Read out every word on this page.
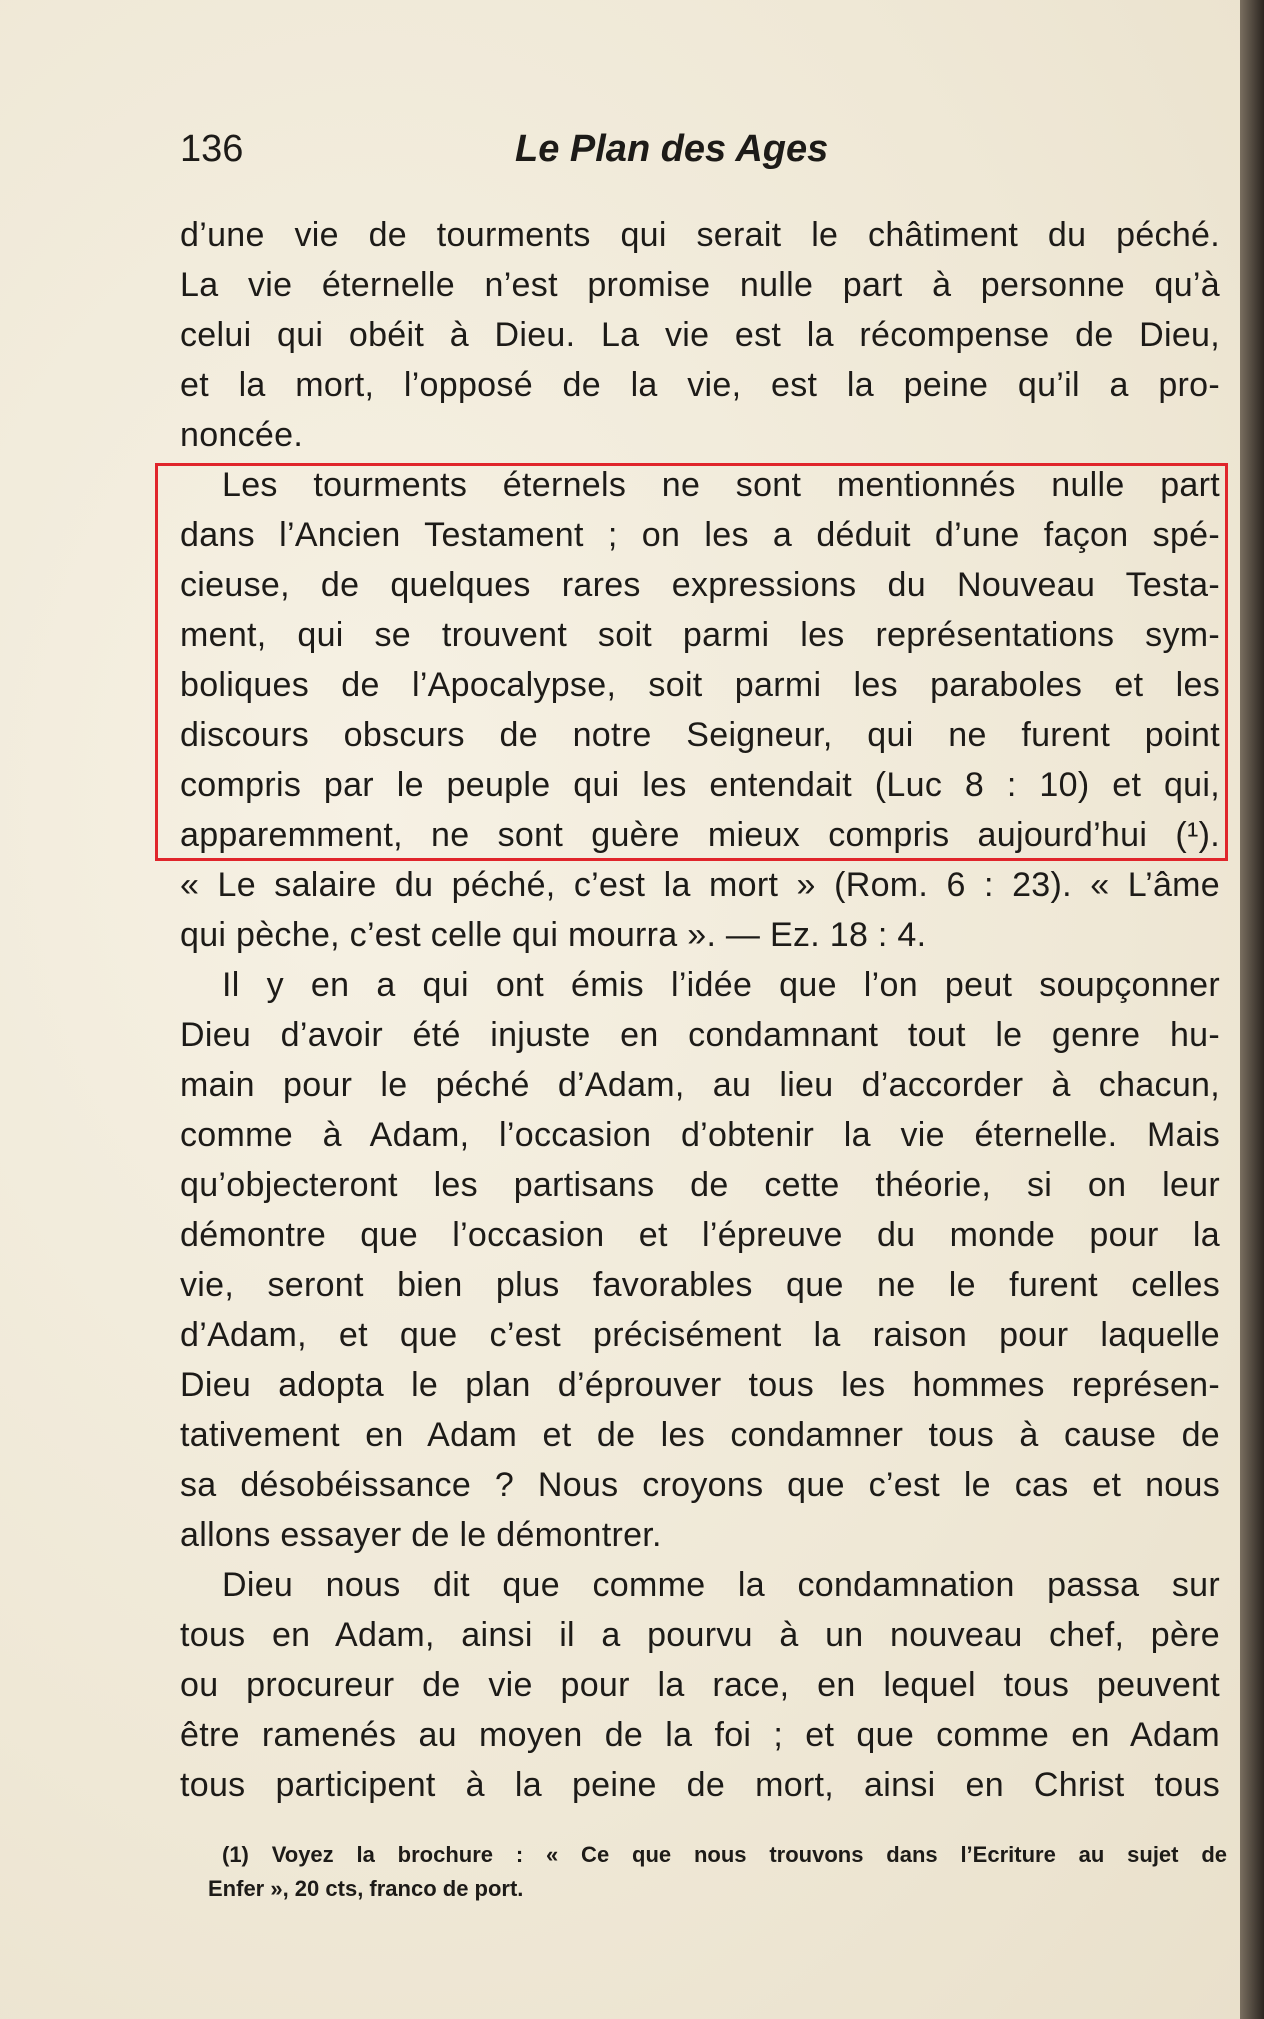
136	Le Plan des Ages
d’une vie de tourments qui serait le châtiment du péché.
La vie éternelle n’est promise nulle part à personne qu’à
celui qui obéit à Dieu. La vie est la récompense de Dieu,
et la mort, l’opposé de la vie, est la peine qu’il a pro-
noncée.
Les tourments éternels ne sont mentionnés nulle part
dans l’Ancien Testament ; on les a déduit d’une façon spé-
cieuse, de quelques rares expressions du Nouveau Testa-
ment, qui se trouvent soit parmi les représentations sym-
boliques de l’Apocalypse, soit parmi les paraboles et les
discours obscurs de notre Seigneur, qui ne furent point
compris par le peuple qui les entendait (Luc 8 : 10) et qui,
apparemment, ne sont guère mieux compris aujourd’hui (¹).
« Le salaire du péché, c’est la mort » (Rom. 6 : 23). « L’âme
qui pèche, c’est celle qui mourra ». — Ez. 18 : 4.
Il y en a qui ont émis l’idée que l’on peut soupçonner
Dieu d’avoir été injuste en condamnant tout le genre hu-
main pour le péché d’Adam, au lieu d’accorder à chacun,
comme à Adam, l’occasion d’obtenir la vie éternelle. Mais
qu’objecteront les partisans de cette théorie, si on leur
démontre que l’occasion et l’épreuve du monde pour la
vie, seront bien plus favorables que ne le furent celles
d’Adam, et que c’est précisément la raison pour laquelle
Dieu adopta le plan d’éprouver tous les hommes représen-
tativement en Adam et de les condamner tous à cause de
sa désobéissance ? Nous croyons que c’est le cas et nous
allons essayer de le démontrer.
Dieu nous dit que comme la condamnation passa sur
tous en Adam, ainsi il a pourvu à un nouveau chef, père
ou procureur de vie pour la race, en lequel tous peuvent
être ramenés au moyen de la foi ; et que comme en Adam
tous participent à la peine de mort, ainsi en Christ tous
(1) Voyez la brochure : « Ce que nous trouvons dans l’Ecriture au sujet de
Enfer », 20 cts, franco de port.
